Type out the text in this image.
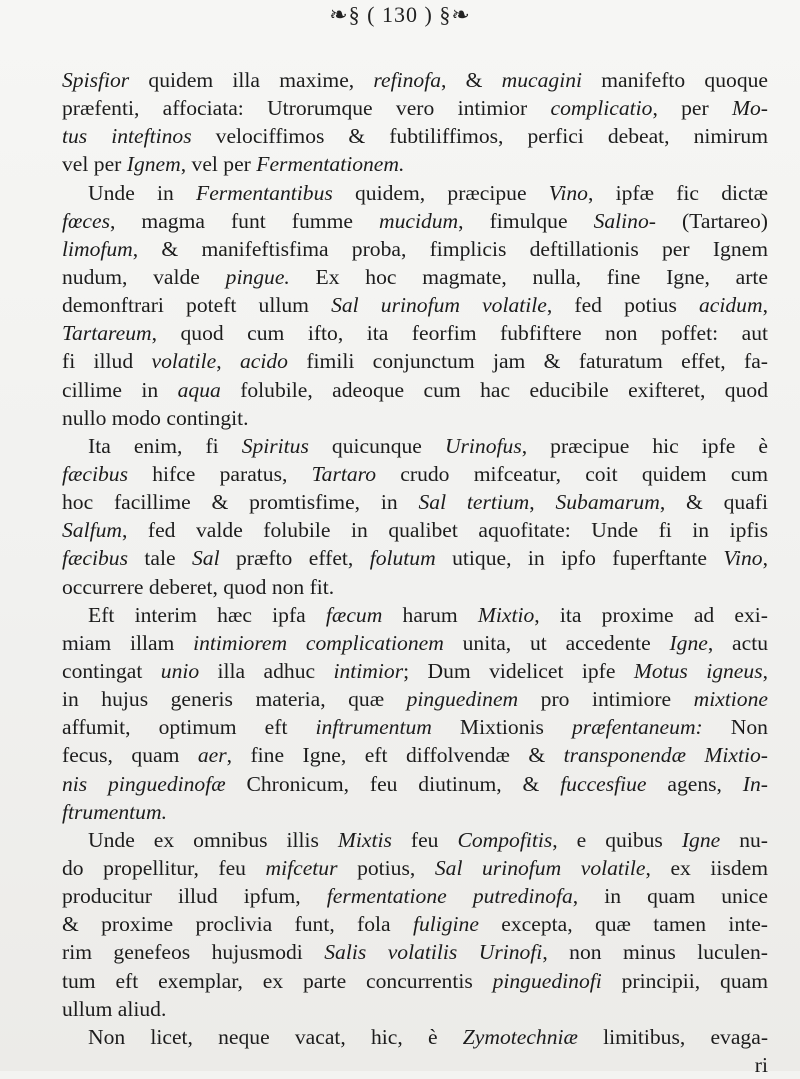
❧§ ( 130 ) §❧
Spisfior quidem illa maxime, refinofa, & mucagini manifefto quoque
præfenti, affociata: Utrorumque vero intimior complicatio, per Mo-
tus inteftinos velociffimos & fubtiliffimos, perfici debeat, nimirum
vel per Ignem, vel per Fermentationem.
Unde in Fermentantibus quidem, præcipue Vino, ipfæ fic dictæ
fœces, magma funt fumme mucidum, fimulque Salino- (Tartareo)
limofum, & manifeftisfima proba, fimplicis deftillationis per Ignem
nudum, valde pingue. Ex hoc magmate, nulla, fine Igne, arte
demonftrari poteft ullum Sal urinofum volatile, fed potius acidum,
Tartareum, quod cum ifto, ita feorfim fubfiftere non poffet: aut
fi illud volatile, acido fimili conjunctum jam & faturatum effet, fa-
cillime in aqua folubile, adeoque cum hac educibile exifteret, quod
nullo modo contingit.
Ita enim, fi Spiritus quicunque Urinofus, præcipue hic ipfe è
fæcibus hifce paratus, Tartaro crudo mifceatur, coit quidem cum
hoc facillime & promtisfime, in Sal tertium, Subamarum, & quafi
Salfum, fed valde folubile in qualibet aquofitate: Unde fi in ipfis
fæcibus tale Sal præfto effet, folutum utique, in ipfo fuperftante Vino,
occurrere deberet, quod non fit.
Eft interim hæc ipfa fæcum harum Mixtio, ita proxime ad exi-
miam illam intimiorem complicationem unita, ut accedente Igne, actu
contingat unio illa adhuc intimior; Dum videlicet ipfe Motus igneus,
in hujus generis materia, quæ pinguedinem pro intimiore mixtione
affumit, optimum eft inftrumentum Mixtionis præfentaneum: Non
fecus, quam aer, fine Igne, eft diffolvendæ & transponendæ Mixtio-
nis pinguedinofæ Chronicum, feu diutinum, & fuccesfiue agens, In-
ftrumentum.
Unde ex omnibus illis Mixtis feu Compofitis, e quibus Igne nu-
do propellitur, feu mifcetur potius, Sal urinofum volatile, ex iisdem
producitur illud ipfum, fermentatione putredinofa, in quam unice
& proxime proclivia funt, fola fuligine excepta, quæ tamen inte-
rim genefeos hujusmodi Salis volatilis Urinofi, non minus luculen-
tum eft exemplar, ex parte concurrentis pinguedinofi principii, quam
ullum aliud.
Non licet, neque vacat, hic, è Zymotechniæ limitibus, evaga-
ri
